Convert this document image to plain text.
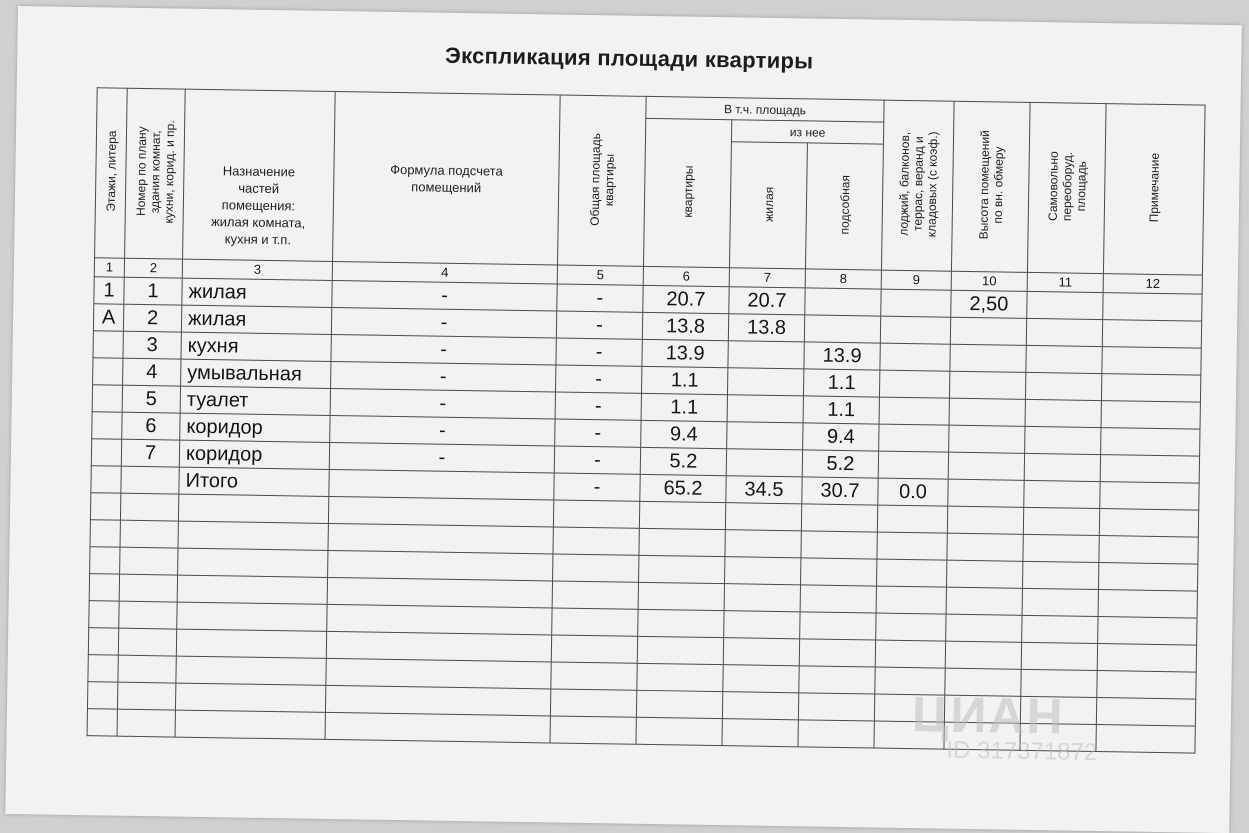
Экспликация площади квартиры
Этажи, литера	Номер по плану
здания комнат,
кухни, корид. и пр.	Назначение
частей
помещения:
жилая комната,
кухня и т.п.	Формула подсчета
помещений	Общая площадь
квартиры	В т.ч. площадь			лоджий, балконов,
террас, веранд и
кладовых (с коэф.)	Высота помещений
по вн. обмеру	Самовольно
переоборуд.
площадь	Примечание
					квартиры	из нее					
						жилая	подсобная				
1	2	3	4	5	6	7	8	9	10	11	12
1	1	жилая	-	-	20.7	20.7			2,50		
А	2	жилая	-	-	13.8	13.8					
	3	кухня	-	-	13.9		13.9				
	4	умывальная	-	-	1.1		1.1				
	5	туалет	-	-	1.1		1.1				
	6	коридор	-	-	9.4		9.4				
	7	коридор	-	-	5.2		5.2				
		Итого		-	65.2	34.5	30.7	0.0			

ЦИАН
ID 317371872
